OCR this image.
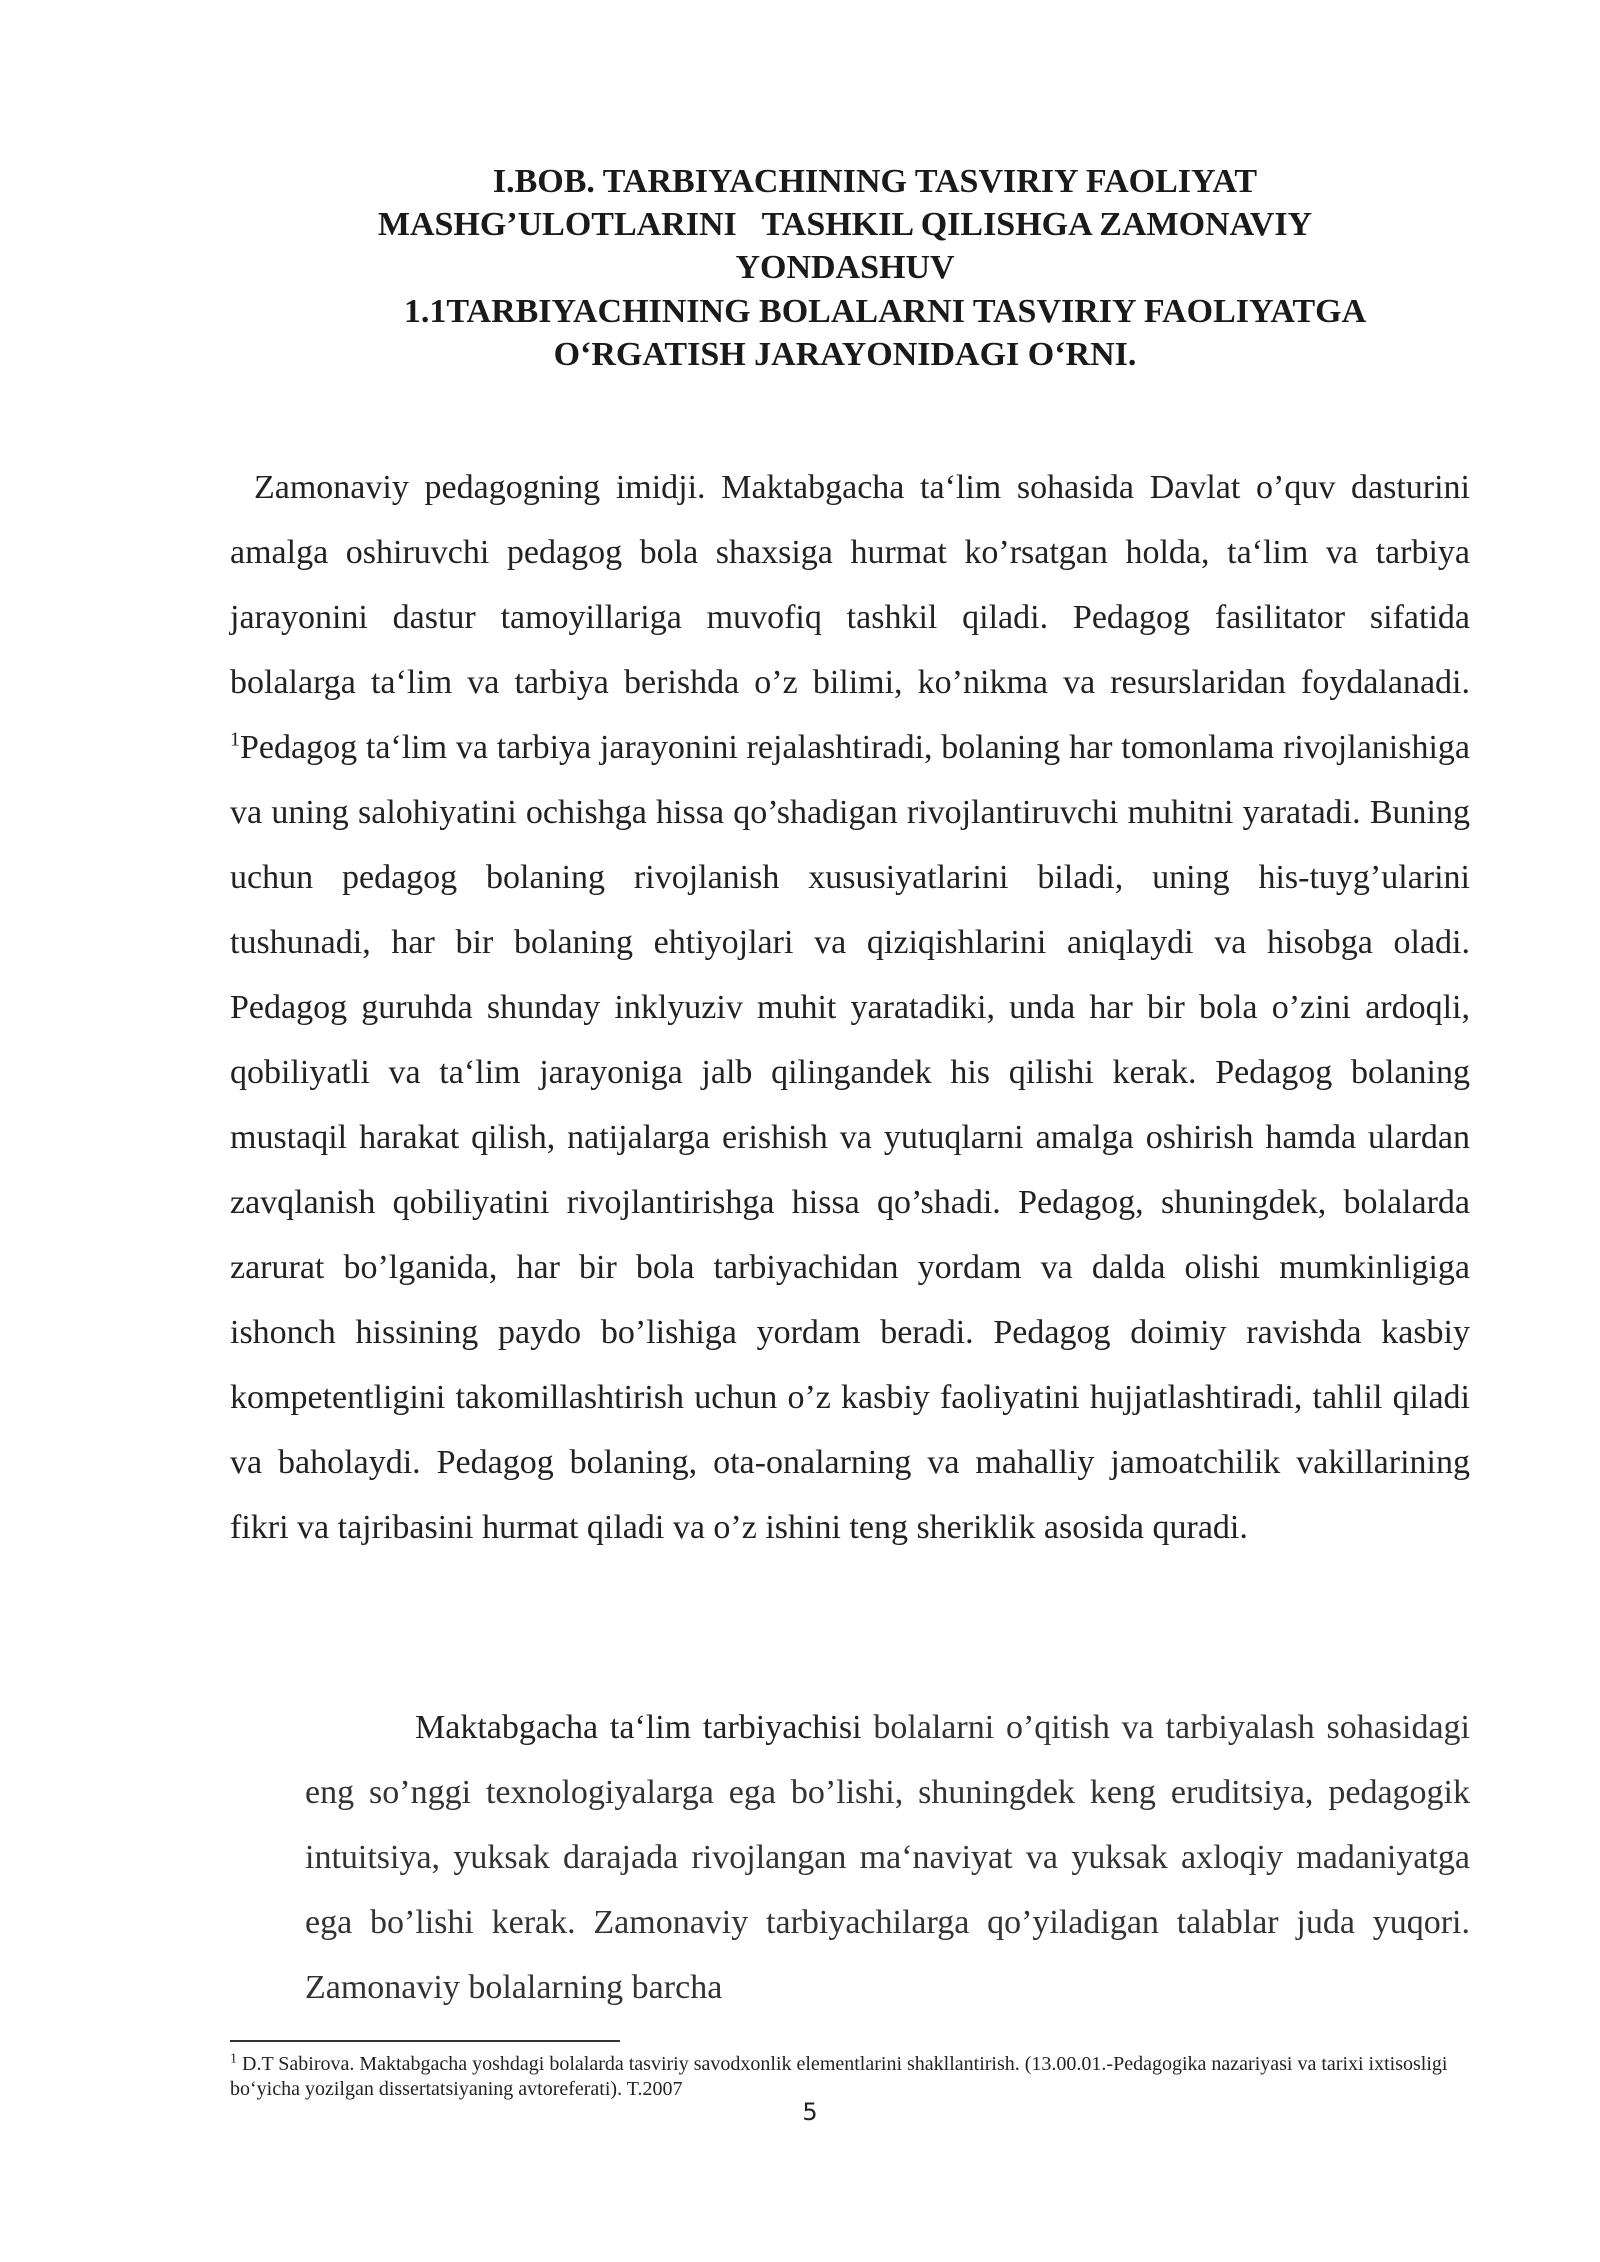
I.BOB. TARBIYACHINING TASVIRIY FAOLIYAT
MASHG’ULOTLARINI   TASHKIL QILISHGA ZAMONAVIY
YONDASHUV
1.1TARBIYACHINING BOLALARNI TASVIRIY FAOLIYATGA
O‘RGATISH JARAYONIDAGI O‘RNI.
Zamonaviy pedagogning imidji. Maktabgacha ta‘lim sohasida Davlat o’quv dasturini amalga oshiruvchi pedagog bola shaxsiga hurmat ko’rsatgan holda, ta‘lim va tarbiya jarayonini dastur tamoyillariga muvofiq tashkil qiladi. Pedagog fasilitator sifatida bolalarga ta‘lim va tarbiya berishda o’z bilimi, ko’nikma va resurslaridan foydalanadi. $^1$Pedagog ta‘lim va tarbiya jarayonini rejalashtiradi, bolaning har tomonlama rivojlanishiga va uning salohiyatini ochishga hissa qo’shadigan rivojlantiruvchi muhitni yaratadi. Buning uchun pedagog bolaning rivojlanish xususiyatlarini biladi, uning his-tuyg’ularini tushunadi, har bir bolaning ehtiyojlari va qiziqishlarini aniqlaydi va hisobga oladi. Pedagog guruhda shunday inklyuziv muhit yaratadiki, unda har bir bola o’zini ardoqli, qobiliyatli va ta‘lim jarayoniga jalb qilingandek his qilishi kerak. Pedagog bolaning mustaqil harakat qilish, natijalarga erishish va yutuqlarni amalga oshirish hamda ulardan zavqlanish qobiliyatini rivojlantirishga hissa qo’shadi. Pedagog, shuningdek, bolalarda zarurat bo’lganida, har bir bola tarbiyachidan yordam va dalda olishi mumkinligiga ishonch hissining paydo bo’lishiga yordam beradi. Pedagog doimiy ravishda kasbiy kompetentligini takomillashtirish uchun o’z kasbiy faoliyatini hujjatlashtiradi, tahlil qiladi va baholaydi. Pedagog bolaning, ota-onalarning va mahalliy jamoatchilik vakillarining fikri va tajribasini hurmat qiladi va o’z ishini teng sheriklik asosida quradi.
Maktabgacha ta‘lim tarbiyachisi bolalarni o’qitish va tarbiyalash sohasidagi eng so’nggi texnologiyalarga ega bo’lishi, shuningdek keng eruditsiya, pedagogik intuitsiya, yuksak darajada rivojlangan ma‘naviyat va yuksak axloqiy madaniyatga ega bo’lishi kerak. Zamonaviy tarbiyachilarga qo’yiladigan talablar juda yuqori. Zamonaviy bolalarning barcha
$^1$ D.T Sabirova. Maktabgacha yoshdagi bolalarda tasviriy savodxonlik elementlarini shakllantirish. (13.00.01.-Pedagogika nazariyasi va tarixi ixtisosligi bo‘yicha yozilgan dissertatsiyaning avtoreferati). T.2007
5
